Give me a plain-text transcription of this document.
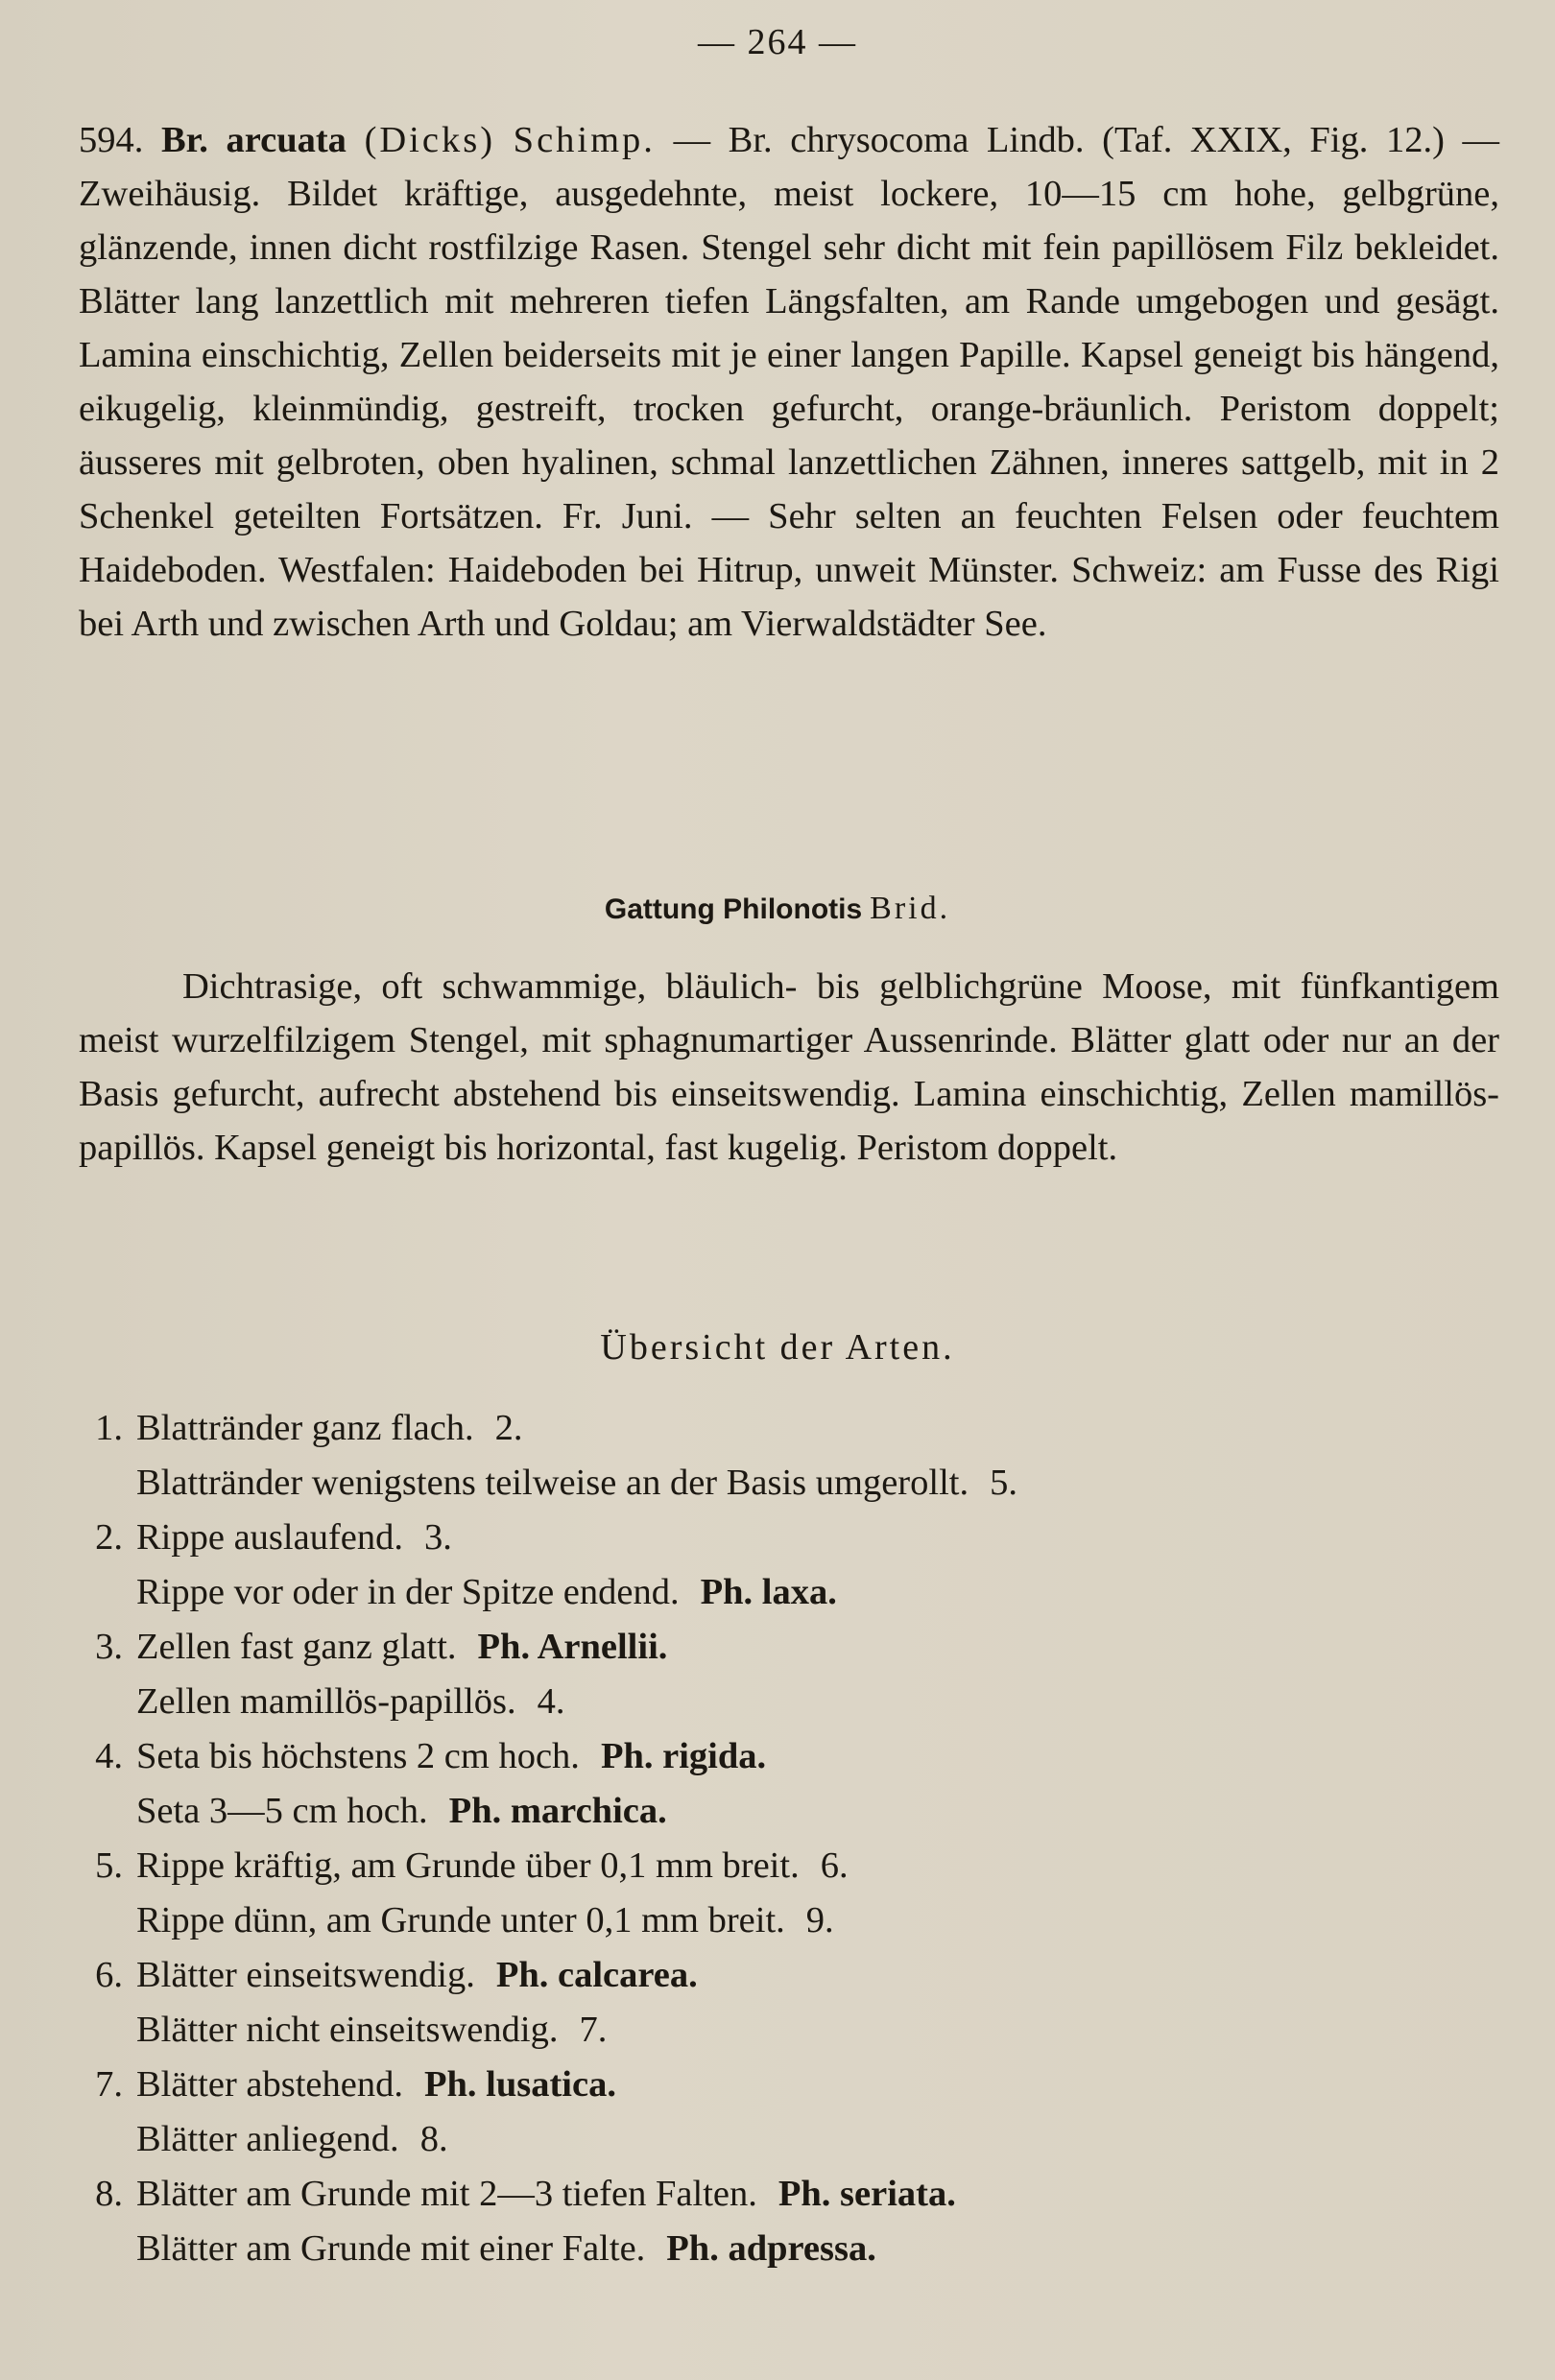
— 264 —

594. Br. arcuata (Dicks) Schimp. — Br. chrysocoma Lindb. (Taf. XXIX, Fig. 12.) — Zweihäusig. Bildet kräftige, ausgedehnte, meist lockere, 10—15 cm hohe, gelbgrüne, glänzende, innen dicht rostfilzige Rasen. Stengel sehr dicht mit fein papillösem Filz bekleidet. Blätter lang lanzettlich mit mehreren tiefen Längsfalten, am Rande umgebogen und gesägt. Lamina einschichtig, Zellen beiderseits mit je einer langen Papille. Kapsel geneigt bis hängend, eikugelig, kleinmündig, gestreift, trocken gefurcht, orange-bräunlich. Peristom doppelt; äusseres mit gelbroten, oben hyalinen, schmal lanzettlichen Zähnen, inneres sattgelb, mit in 2 Schenkel geteilten Fortsätzen. Fr. Juni. — Sehr selten an feuchten Felsen oder feuchtem Haideboden. Westfalen: Haideboden bei Hitrup, unweit Münster. Schweiz: am Fusse des Rigi bei Arth und zwischen Arth und Goldau; am Vierwaldstädter See.

Gattung Philonotis Brid.

Dichtrasige, oft schwammige, bläulich- bis gelblichgrüne Moose, mit fünfkantigem meist wurzelfilzigem Stengel, mit sphagnumartiger Aussenrinde. Blätter glatt oder nur an der Basis gefurcht, aufrecht abstehend bis einseitswendig. Lamina einschichtig, Zellen mamillös-papillös. Kapsel geneigt bis horizontal, fast kugelig. Peristom doppelt.

Übersicht der Arten.
1. Blattränder ganz flach. 2.
Blattränder wenigstens teilweise an der Basis umgerollt. 5.
2. Rippe auslaufend. 3.
Rippe vor oder in der Spitze endend. Ph. laxa.
3. Zellen fast ganz glatt. Ph. Arnellii.
Zellen mamillös-papillös. 4.
4. Seta bis höchstens 2 cm hoch. Ph. rigida.
Seta 3—5 cm hoch. Ph. marchica.
5. Rippe kräftig, am Grunde über 0,1 mm breit. 6.
Rippe dünn, am Grunde unter 0,1 mm breit. 9.
6. Blätter einseitswendig. Ph. calcarea.
Blätter nicht einseitswendig. 7.
7. Blätter abstehend. Ph. lusatica.
Blätter anliegend. 8.
8. Blätter am Grunde mit 2—3 tiefen Falten. Ph. seriata.
Blätter am Grunde mit einer Falte. Ph. adpressa.
